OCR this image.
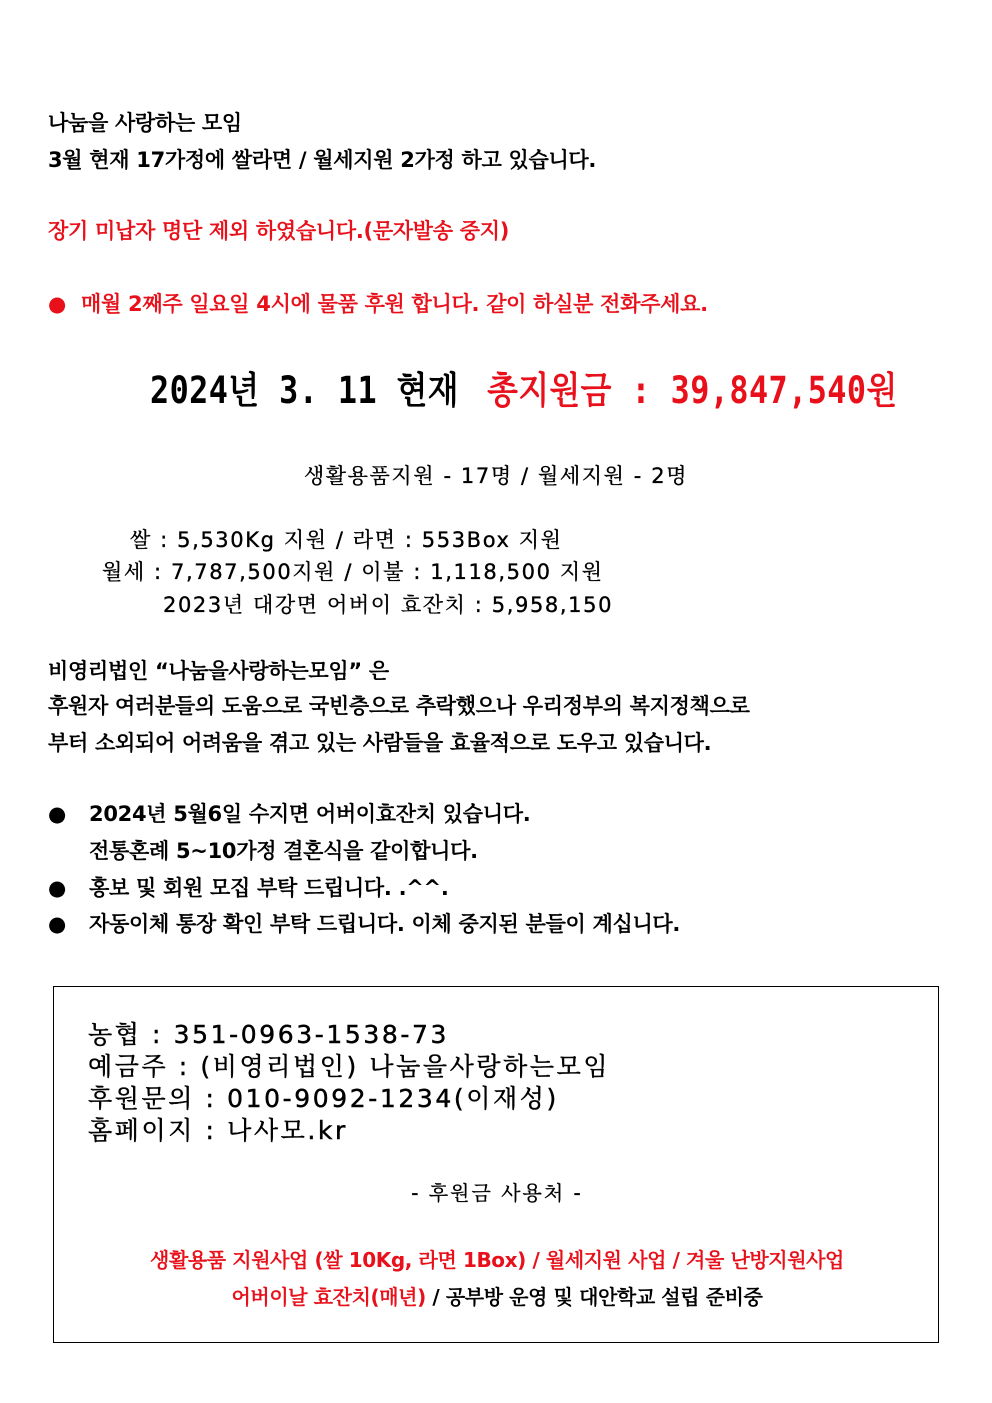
나눔을 사랑하는 모임
3월 현재 17가정에 쌀라면 / 월세지원 2가정 하고 있습니다.
장기 미납자 명단 제외 하였습니다.(문자발송 중지)
● 매월 2째주 일요일 4시에 물품 후원 합니다. 같이 하실분 전화주세요.
2024년 3. 11 현재 총지원금 : 39,847,540원
생활용품지원 - 17명 / 월세지원 - 2명
쌀 : 5,530Kg 지원 / 라면 : 553Box 지원
월세 : 7,787,500지원 / 이불 : 1,118,500 지원
2023년 대강면 어버이 효잔치 : 5,958,150
비영리법인 “나눔을사랑하는모임” 은
후원자 여러분들의 도움으로 국빈층으로 추락했으나 우리정부의 복지정책으로
부터 소외되어 어려움을 겪고 있는 사람들을 효율적으로 도우고 있습니다.
● 2024년 5월6일 수지면 어버이효잔치 있습니다.
전통혼례 5~10가정 결혼식을 같이합니다.
● 홍보 및 회원 모집 부탁 드립니다. .^^.
● 자동이체 통장 확인 부탁 드립니다. 이체 중지된 분들이 계십니다.
농협 : 351-0963-1538-73
예금주 : (비영리법인) 나눔을사랑하는모임
후원문의 : 010-9092-1234(이재성)
홈페이지 : 나사모.kr
- 후원금 사용처 -
생활용품 지원사업 (쌀 10Kg, 라면 1Box) / 월세지원 사업 / 겨울 난방지원사업
어버이날 효잔치(매년) / 공부방 운영 및 대안학교 설립 준비중
